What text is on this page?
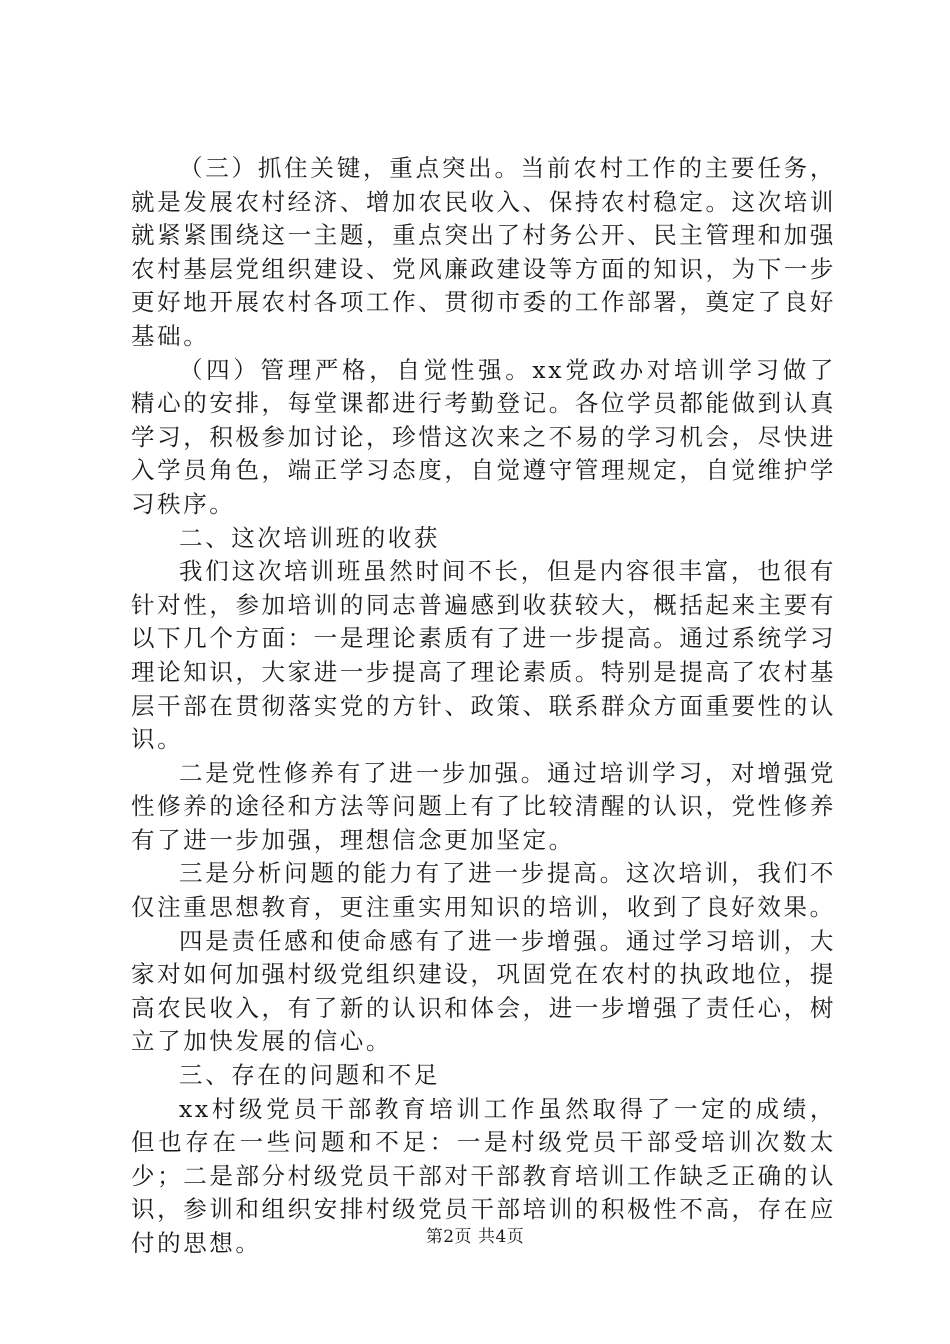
（三）抓住关键，重点突出。当前农村工作的主要任务，就是发展农村经济、增加农民收入、保持农村稳定。这次培训就紧紧围绕这一主题，重点突出了村务公开、民主管理和加强农村基层党组织建设、党风廉政建设等方面的知识，为下一步更好地开展农村各项工作、贯彻市委的工作部署，奠定了良好基础。

（四）管理严格，自觉性强。xx党政办对培训学习做了精心的安排，每堂课都进行考勤登记。各位学员都能做到认真学习，积极参加讨论，珍惜这次来之不易的学习机会，尽快进入学员角色，端正学习态度，自觉遵守管理规定，自觉维护学习秩序。

二、这次培训班的收获

我们这次培训班虽然时间不长，但是内容很丰富，也很有针对性，参加培训的同志普遍感到收获较大，概括起来主要有以下几个方面：一是理论素质有了进一步提高。通过系统学习理论知识，大家进一步提高了理论素质。特别是提高了农村基层干部在贯彻落实党的方针、政策、联系群众方面重要性的认识。

二是党性修养有了进一步加强。通过培训学习，对增强党性修养的途径和方法等问题上有了比较清醒的认识，党性修养有了进一步加强，理想信念更加坚定。

三是分析问题的能力有了进一步提高。这次培训，我们不仅注重思想教育，更注重实用知识的培训，收到了良好效果。

四是责任感和使命感有了进一步增强。通过学习培训，大家对如何加强村级党组织建设，巩固党在农村的执政地位，提高农民收入，有了新的认识和体会，进一步增强了责任心，树立了加快发展的信心。

三、存在的问题和不足

xx村级党员干部教育培训工作虽然取得了一定的成绩，但也存在一些问题和不足：一是村级党员干部受培训次数太少；二是部分村级党员干部对干部教育培训工作缺乏正确的认识，参训和组织安排村级党员干部培训的积极性不高，存在应付的思想。	第2页 共4页
